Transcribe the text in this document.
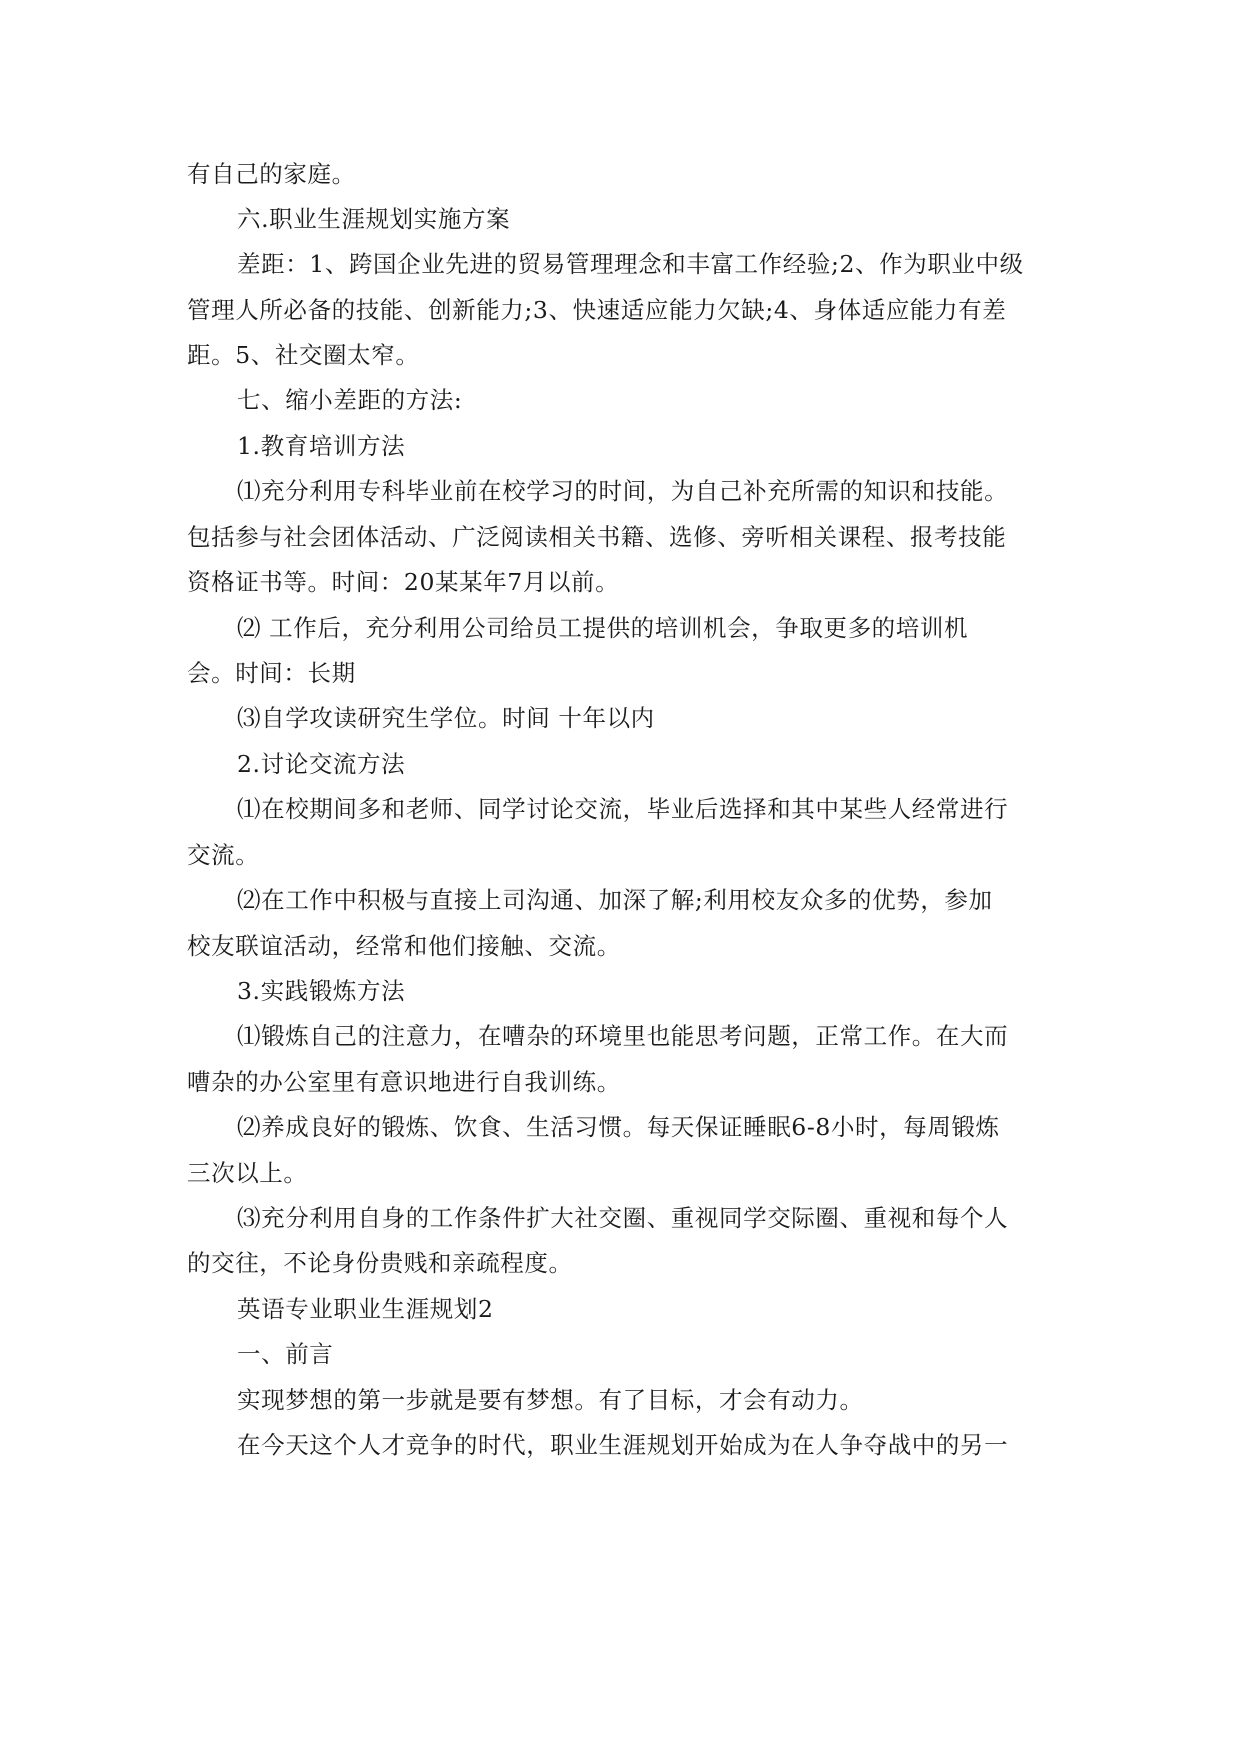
有自己的家庭。
六.职业生涯规划实施方案
差距：1、跨国企业先进的贸易管理理念和丰富工作经验;2、作为职业中级
管理人所必备的技能、创新能力;3、快速适应能力欠缺;4、身体适应能力有差
距。5、社交圈太窄。
七、缩小差距的方法:
1.教育培训方法
⑴充分利用专科毕业前在校学习的时间，为自己补充所需的知识和技能。
包括参与社会团体活动、广泛阅读相关书籍、选修、旁听相关课程、报考技能
资格证书等。时间：20某某年7月以前。
⑵ 工作后，充分利用公司给员工提供的培训机会，争取更多的培训机
会。时间：长期
⑶自学攻读研究生学位。时间 十年以内
2.讨论交流方法
⑴在校期间多和老师、同学讨论交流，毕业后选择和其中某些人经常进行
交流。
⑵在工作中积极与直接上司沟通、加深了解;利用校友众多的优势，参加
校友联谊活动，经常和他们接触、交流。
3.实践锻炼方法
⑴锻炼自己的注意力，在嘈杂的环境里也能思考问题，正常工作。在大而
嘈杂的办公室里有意识地进行自我训练。
⑵养成良好的锻炼、饮食、生活习惯。每天保证睡眠6-8小时，每周锻炼
三次以上。
⑶充分利用自身的工作条件扩大社交圈、重视同学交际圈、重视和每个人
的交往，不论身份贵贱和亲疏程度。
英语专业职业生涯规划2
一、前言
实现梦想的第一步就是要有梦想。有了目标，才会有动力。
在今天这个人才竞争的时代，职业生涯规划开始成为在人争夺战中的另一
